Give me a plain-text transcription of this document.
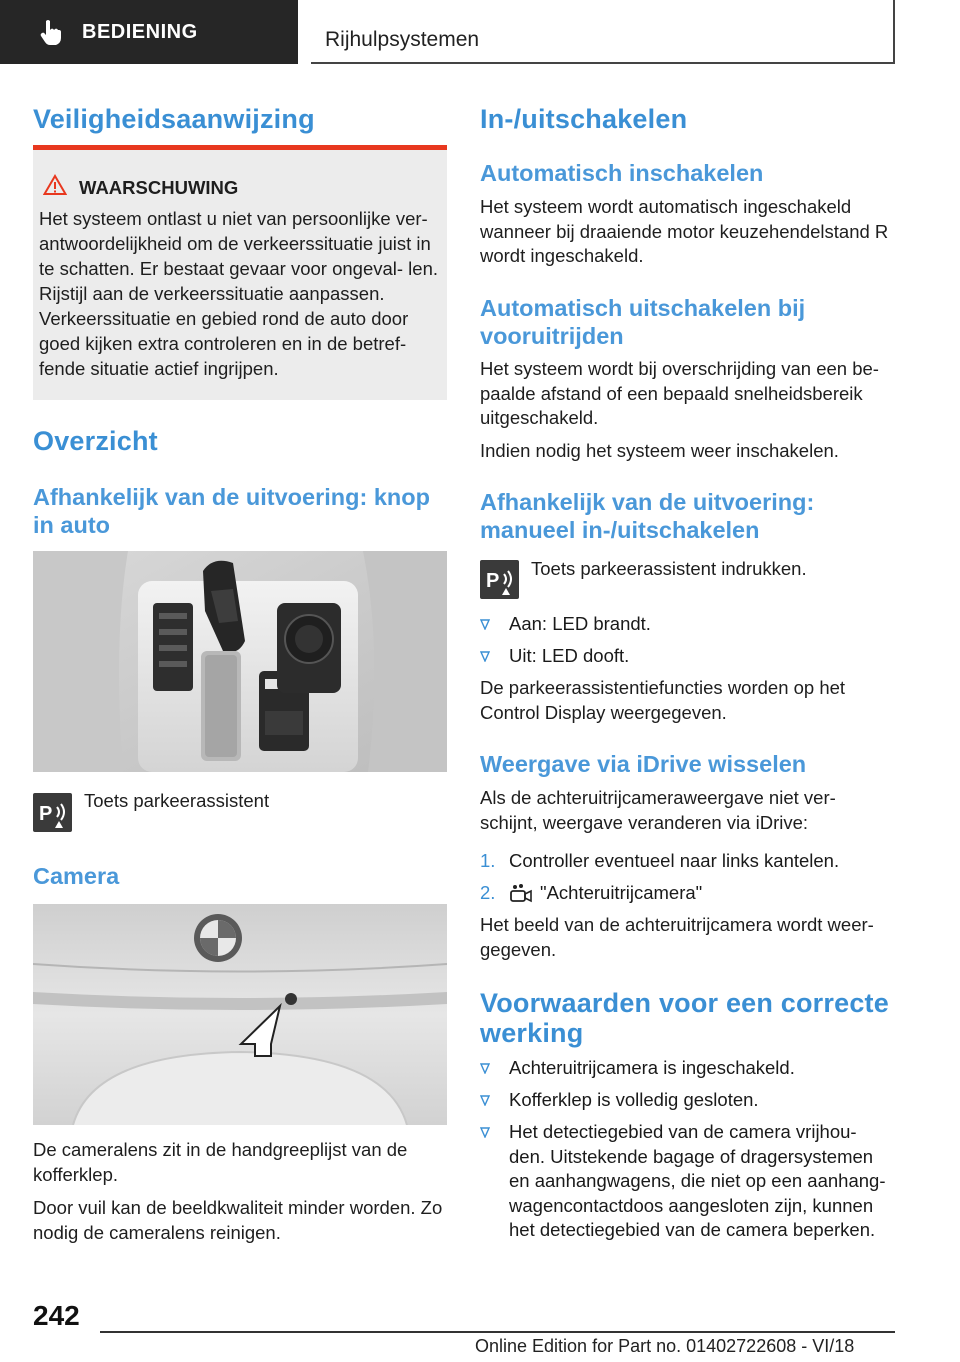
BEDIENING	Rijhulpsystemen
Veiligheidsaanwijzing
WAARSCHUWING
Het systeem ontlast u niet van persoonlijke ver- antwoordelijkheid om de verkeerssituatie juist in te schatten. Er bestaat gevaar voor ongeval- len. Rijstijl aan de verkeerssituatie aanpassen. Verkeerssituatie en gebied rond de auto door goed kijken extra controleren en in de betref- fende situatie actief ingrijpen.
Overzicht
Afhankelijk van de uitvoering: knop in auto
P
Toets parkeerassistent
Camera
De cameralens zit in de handgreeplijst van de kofferklep.
Door vuil kan de beeldkwaliteit minder worden. Zo nodig de cameralens reinigen.
In-/uitschakelen
Automatisch inschakelen
Het systeem wordt automatisch ingeschakeld wanneer bij draaiende motor keuzehendelstand R wordt ingeschakeld.
Automatisch uitschakelen bij vooruitrijden
Het systeem wordt bij overschrijding van een be- paalde afstand of een bepaald snelheidsbereik uitgeschakeld.
Indien nodig het systeem weer inschakelen.
Afhankelijk van de uitvoering: manueel in-/uitschakelen
P
Toets parkeerassistent indrukken.
Aan: LED brandt.
Uit: LED dooft.
De parkeerassistentiefuncties worden op het Control Display weergegeven.
Weergave via iDrive wisselen
Als de achteruitrijcameraweergave niet ver- schijnt, weergave veranderen via iDrive:
1. Controller eventueel naar links kantelen.
2. "Achteruitrijcamera"
Het beeld van de achteruitrijcamera wordt weer- gegeven.
Voorwaarden voor een correcte werking
Achteruitrijcamera is ingeschakeld.
Kofferklep is volledig gesloten.
Het detectiegebied van de camera vrijhou- den. Uitstekende bagage of dragersystemen en aanhangwagens, die niet op een aanhang- wagencontactdoos aangesloten zijn, kunnen het detectiegebied van de camera beperken.
242
Online Edition for Part no. 01402722608 - VI/18
